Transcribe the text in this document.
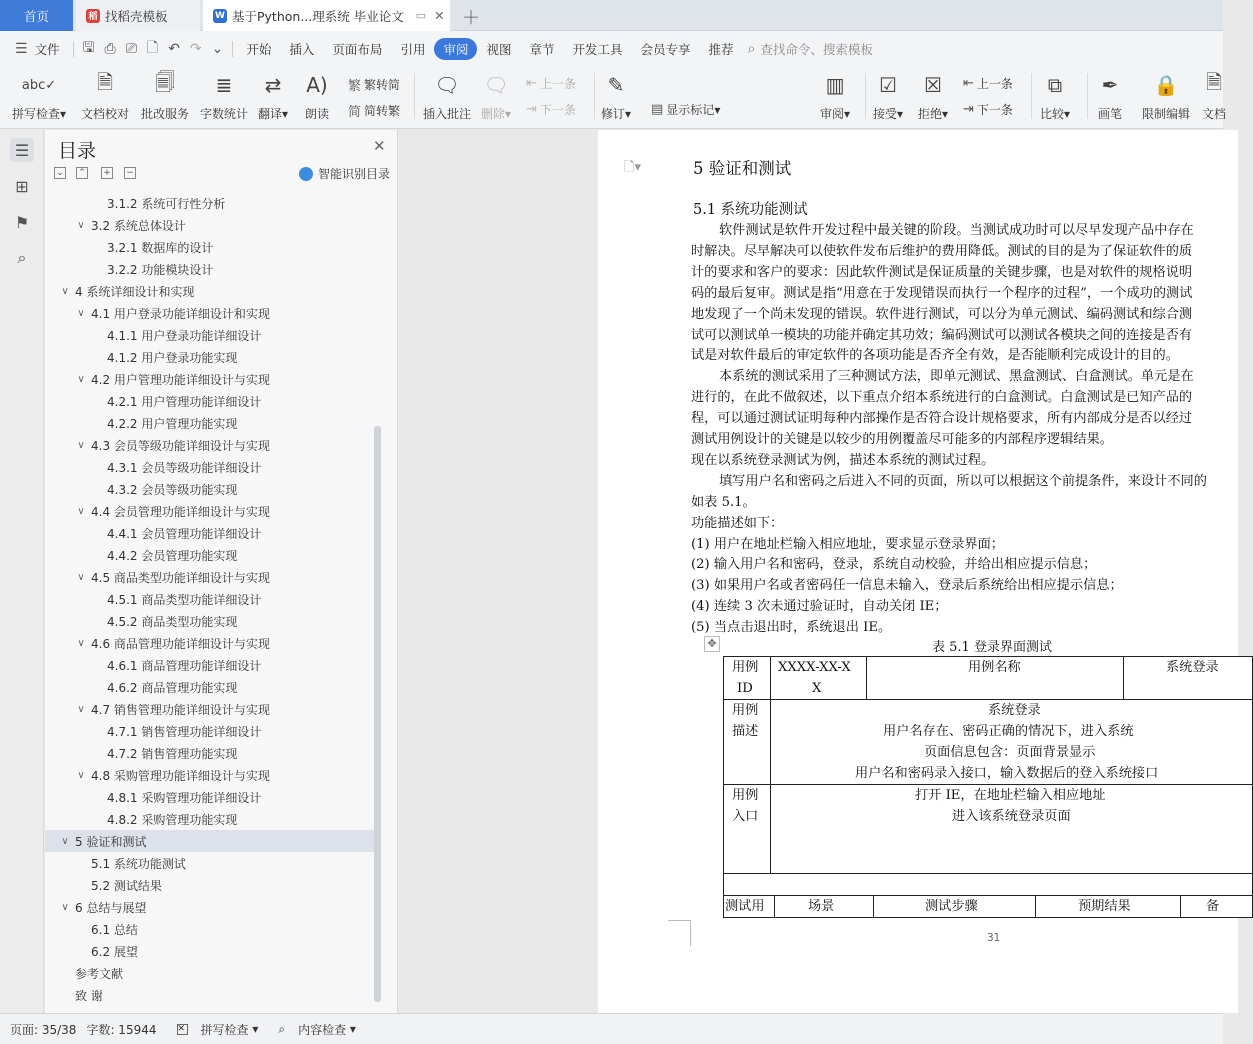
首页	稻 找稻壳模板	W 基于Python...理系统 毕业论文 ▭ ✕ ＋
☰ 文件	🖫 ⎙ ⎚ 🗋 ↶ ↷ ⌄	开始	插入	页面布局	引用	审阅	视图	章节	开发工具	会员专享	推荐	⌕ 查找命令、搜索模板
abc✓
拼写检查▾
🗎
文档校对
🗐
批改服务
≣
字数统计
⇄
翻译▾
A)
朗读
繁 繁转简
简 简转繁
🗨
插入批注
🗨
删除▾
⇤ 上一条
⇥ 下一条
✎
修订▾ ▤ 显示标记 ▾
▥
审阅▾
☑
接受▾
☒
拒绝▾
⇤ 上一条
⇥ 下一条
⧉
比较▾
✒
画笔
🔒
限制编辑
🗎
文档
☰
⊞
⚑
⌕
目录	✕
⌄ ⌃ + −	智能识别目录
3.1.2 系统可行性分析
∨ 3.2 系统总体设计
3.2.1 数据库的设计
3.2.2 功能模块设计
∨ 4 系统详细设计和实现
∨ 4.1 用户登录功能详细设计和实现
4.1.1 用户登录功能详细设计
4.1.2 用户登录功能实现
∨ 4.2 用户管理功能详细设计与实现
4.2.1 用户管理功能详细设计
4.2.2 用户管理功能实现
∨ 4.3 会员等级功能详细设计与实现
4.3.1 会员等级功能详细设计
4.3.2 会员等级功能实现
∨ 4.4 会员管理功能详细设计与实现
4.4.1 会员管理功能详细设计
4.4.2 会员管理功能实现
∨ 4.5 商品类型功能详细设计与实现
4.5.1 商品类型功能详细设计
4.5.2 商品类型功能实现
∨ 4.6 商品管理功能详细设计与实现
4.6.1 商品管理功能详细设计
4.6.2 商品管理功能实现
∨ 4.7 销售管理功能详细设计与实现
4.7.1 销售管理功能详细设计
4.7.2 销售管理功能实现
∨ 4.8 采购管理功能详细设计与实现
4.8.1 采购管理功能详细设计
4.8.2 采购管理功能实现
∨ 5 验证和测试
5.1 系统功能测试
5.2 测试结果
∨ 6 总结与展望
6.1 总结
6.2 展望
参考文献
致 谢
🗋▾	5 验证和测试
5.1 系统功能测试
软件测试是软件开发过程中最关键的阶段。当测试成功时可以尽早发现产品中存在
时解决。尽早解决可以使软件发布后维护的费用降低。测试的目的是为了保证软件的质
计的要求和客户的要求：因此软件测试是保证质量的关键步骤，也是对软件的规格说明
码的最后复审。测试是指“用意在于发现错误而执行一个程序的过程”，一个成功的测试
地发现了一个尚未发现的错误。软件进行测试，可以分为单元测试、编码测试和综合测
试可以测试单一模块的功能并确定其功效；编码测试可以测试各模块之间的连接是否有
试是对软件最后的审定软件的各项功能是否齐全有效，是否能顺利完成设计的目的。
本系统的测试采用了三种测试方法，即单元测试、黑盒测试、白盒测试。单元是在
进行的，在此不做叙述，以下重点介绍本系统进行的白盒测试。白盒测试是已知产品的
程，可以通过测试证明每种内部操作是否符合设计规格要求，所有内部成分是否以经过
测试用例设计的关键是以较少的用例覆盖尽可能多的内部程序逻辑结果。
现在以系统登录测试为例，描述本系统的测试过程。
填写用户名和密码之后进入不同的页面，所以可以根据这个前提条件，来设计不同的
如表 5.1。
功能描述如下：
(1) 用户在地址栏输入相应地址，要求显示登录界面；
(2) 输入用户名和密码，登录，系统自动校验，并给出相应提示信息；
(3) 如果用户名或者密码任一信息未输入，登录后系统给出相应提示信息；
(4) 连续 3 次未通过验证时，自动关闭 IE；
(5) 当点击退出时，系统退出 IE。
✥	表 5.1 登录界面测试
用例
ID
XXXX-XX-X
X
用例名称	系统登录
用例
描述
系统登录
用户名存在、密码正确的情况下，进入系统
页面信息包含：页面背景显示
用户名和密码录入接口，输入数据后的登入系统接口
用例
入口
打开 IE，在地址栏输入相应地址
进入该系统登录页面
测试用	场景	测试步骤	预期结果	备
31
页面: 35/38 字数: 15944 ✕ 拼写检查 ▾ ⌕ 内容检查 ▾
